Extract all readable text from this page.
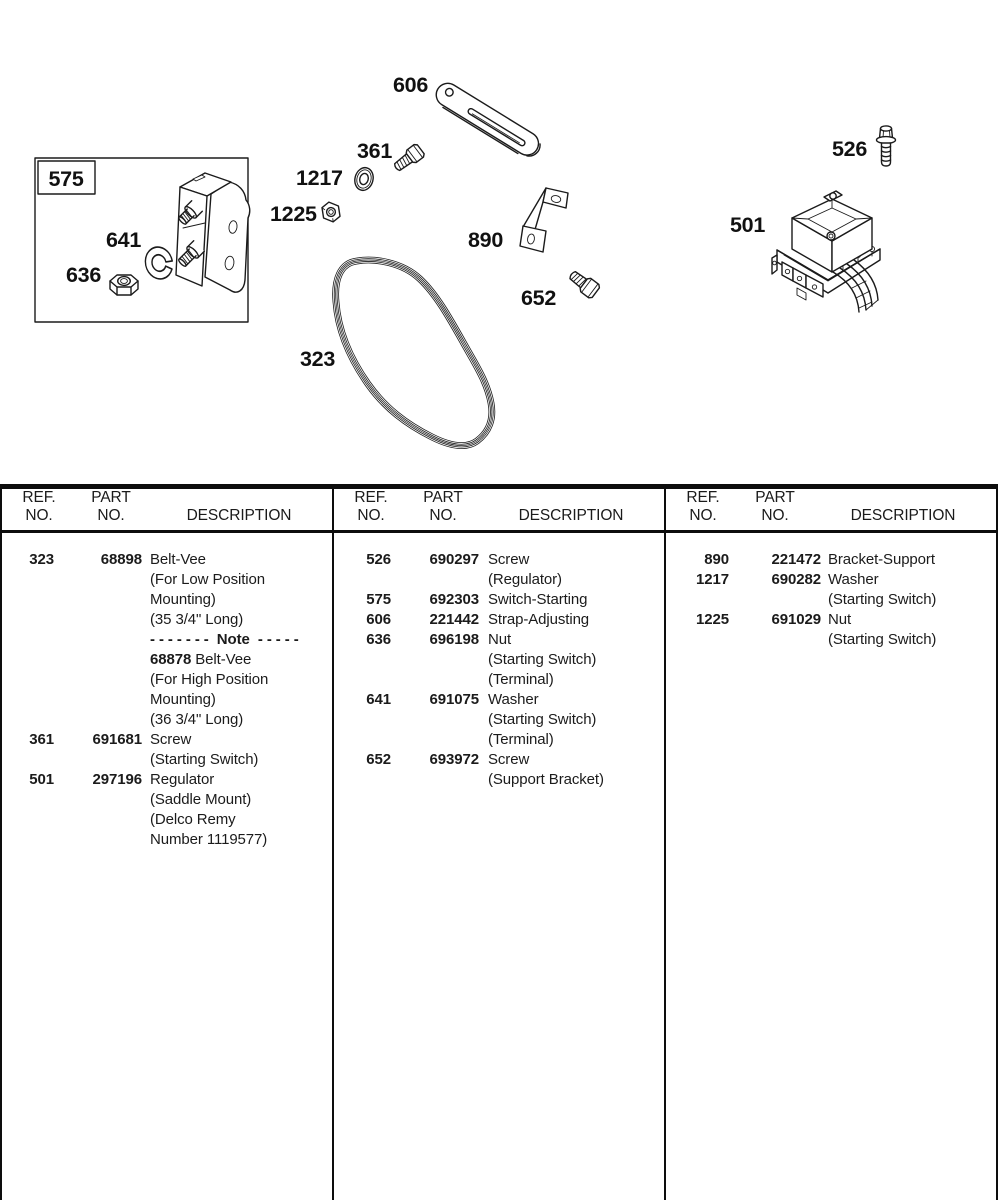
575
606
361
1217
1225
641
636
890
652
323
526
501
REF.
NO.
PART
NO.	DESCRIPTION
323	68898 Belt-Vee
(For Low Position
Mounting)
(35 3/4" Long)
- - - - - - -  Note  - - - - -
68878 Belt-Vee
(For High Position
Mounting)
(36 3/4" Long)
361	691681 Screw
(Starting Switch)
501	297196 Regulator
(Saddle Mount)
(Delco Remy
Number 1119577)
REF.
NO.
PART
NO.	DESCRIPTION
526	690297 Screw
(Regulator)
575	692303 Switch-Starting
606	221442 Strap-Adjusting
636	696198 Nut
(Starting Switch)
(Terminal)
641	691075 Washer
(Starting Switch)
(Terminal)
652	693972 Screw
(Support Bracket)
REF.
NO.
PART
NO.	DESCRIPTION
890	221472 Bracket-Support
1217	690282 Washer
(Starting Switch)
1225	691029 Nut
(Starting Switch)
